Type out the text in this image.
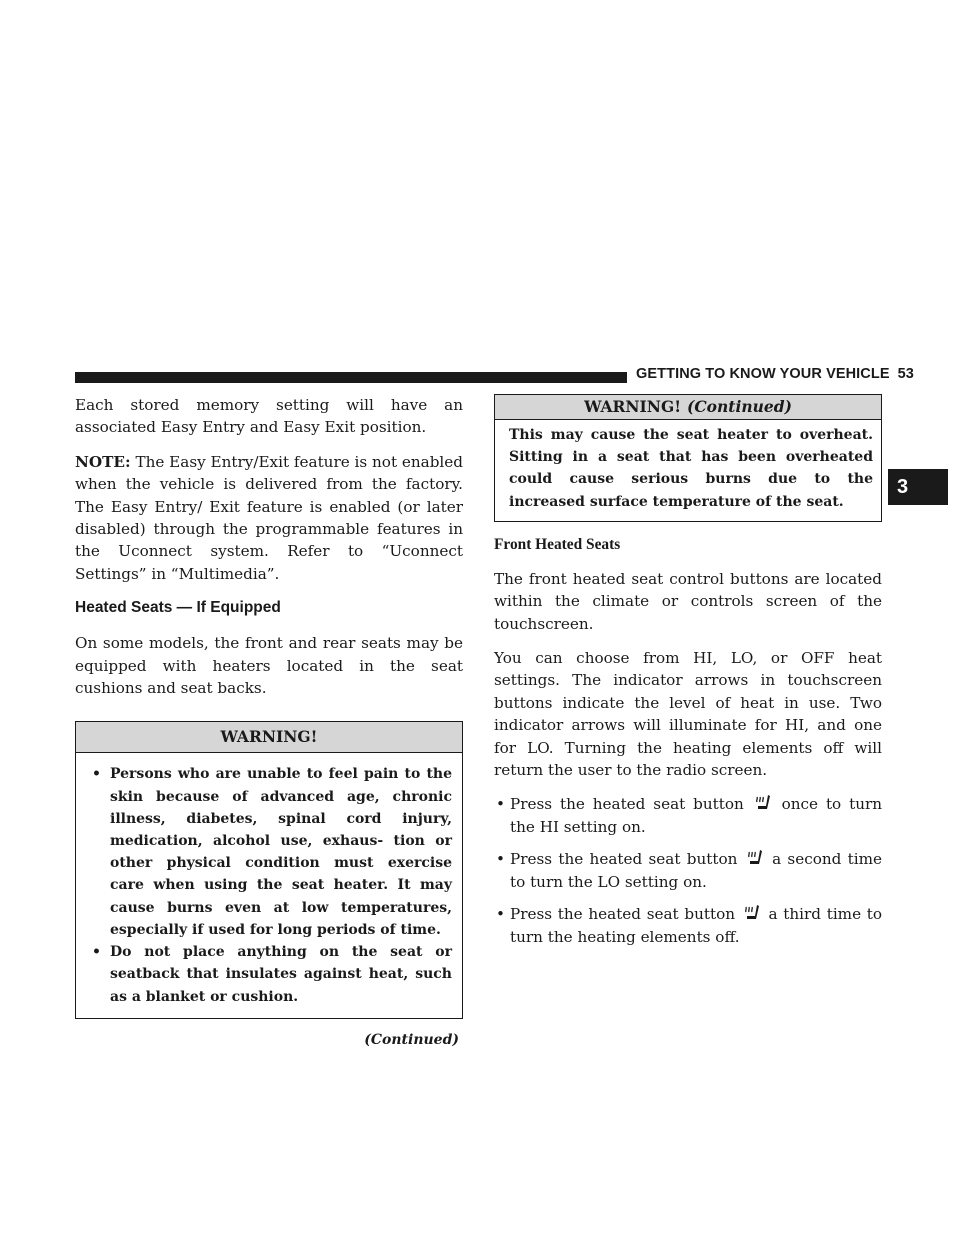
GETTING TO KNOW YOUR VEHICLE 53
3

Each stored memory setting will have an associated Easy Entry and Easy Exit position.

NOTE: The Easy Entry/Exit feature is not enabled when the vehicle is delivered from the factory. The Easy Entry/ Exit feature is enabled (or later disabled) through the programmable features in the Uconnect system. Refer to “Uconnect Settings” in “Multimedia”.

Heated Seats — If Equipped

On some models, the front and rear seats may be equipped with heaters located in the seat cushions and seat backs.

WARNING!
• Persons who are unable to feel pain to the skin because of advanced age, chronic illness, diabetes, spinal cord injury, medication, alcohol use, exhaus- tion or other physical condition must exercise care when using the seat heater. It may cause burns even at low temperatures, especially if used for long periods of time.
• Do not place anything on the seat or seatback that insulates against heat, such as a blanket or cushion.
(Continued)
WARNING! (Continued)
This may cause the seat heater to overheat. Sitting in a seat that has been overheated could cause serious burns due to the increased surface temperature of the seat.
Front Heated Seats

The front heated seat control buttons are located within the climate or controls screen of the touchscreen.

You can choose from HI, LO, or OFF heat settings. The indicator arrows in touchscreen buttons indicate the level of heat in use. Two indicator arrows will illuminate for HI, and one for LO. Turning the heating elements off will return the user to the radio screen.

• Press the heated seat button once to turn the HI setting on.
• Press the heated seat button a second time to turn the LO setting on.
• Press the heated seat button a third time to turn the heating elements off.
